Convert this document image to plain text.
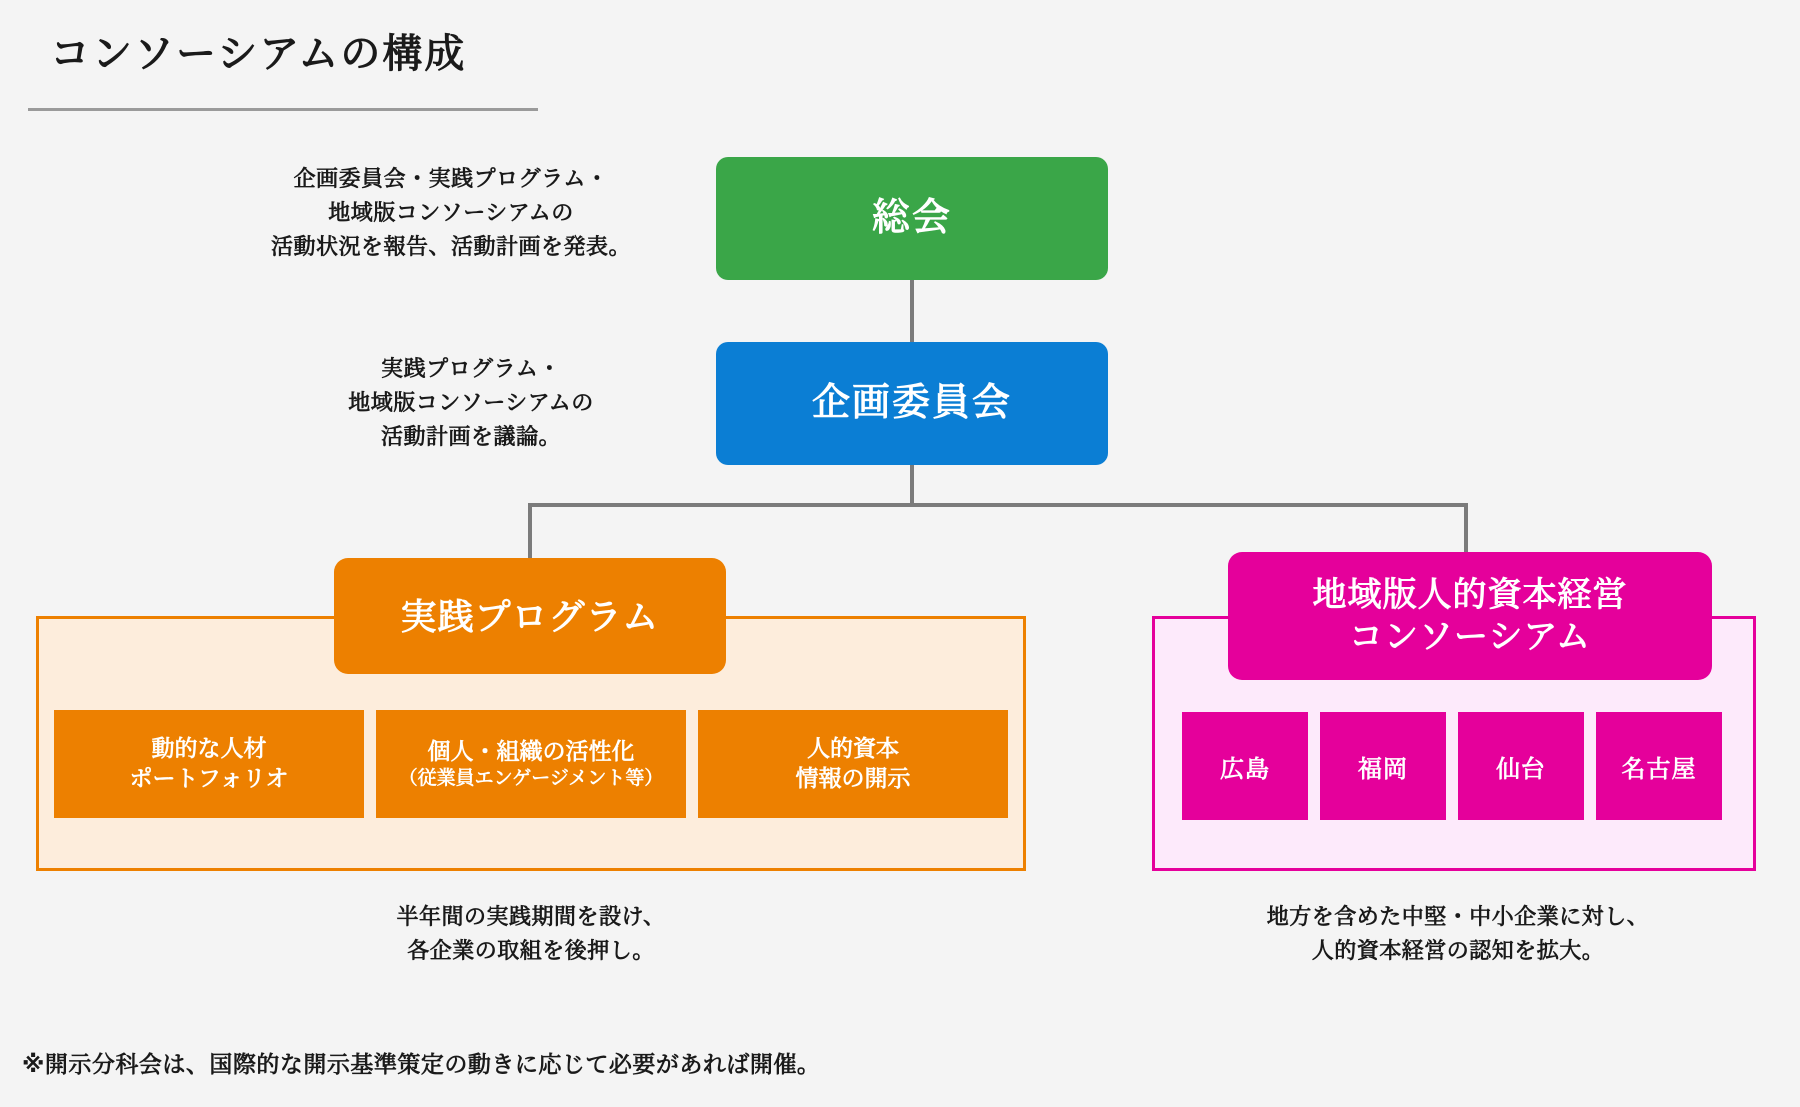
コンソーシアムの構成
総会
企画委員会
実践プログラム
地域版人的資本経営
コンソーシアム
動的な人材
ポートフォリオ
個人・組織の活性化
（従業員エンゲージメント等）
人的資本
情報の開示	広島	福岡	仙台	名古屋
企画委員会・実践プログラム・
地域版コンソーシアムの
活動状況を報告、活動計画を発表。
実践プログラム・
地域版コンソーシアムの
活動計画を議論。
半年間の実践期間を設け、
各企業の取組を後押し。
地方を含めた中堅・中小企業に対し、
人的資本経営の認知を拡大。
※開示分科会は、国際的な開示基準策定の動きに応じて必要があれば開催。
